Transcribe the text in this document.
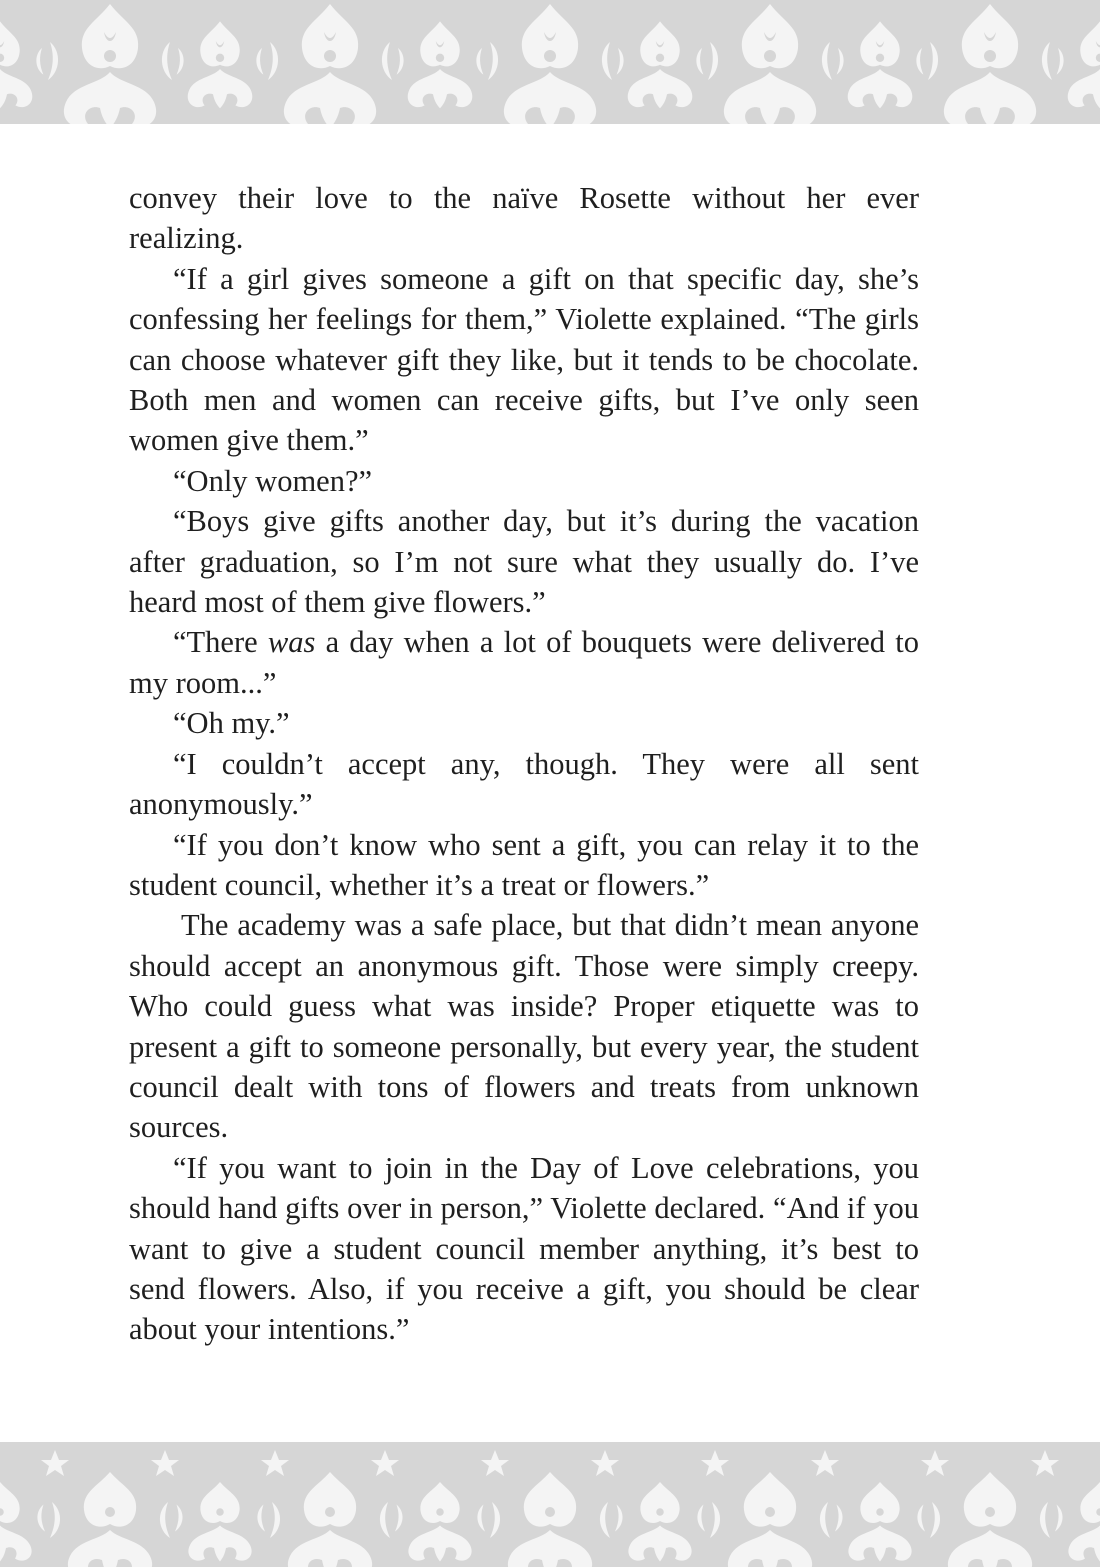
convey their love to the naïve Rosette without her ever realizing.

“If a girl gives someone a gift on that specific day, she’s confessing her feelings for them,” Violette explained. “The girls can choose whatever gift they like, but it tends to be chocolate. Both men and women can receive gifts, but I’ve only seen women give them.”

“Only women?”

“Boys give gifts another day, but it’s during the vacation after graduation, so I’m not sure what they usually do. I’ve heard most of them give flowers.”

“There was a day when a lot of bouquets were delivered to my room...”

“Oh my.”

“I couldn’t accept any, though. They were all sent anonymously.”

“If you don’t know who sent a gift, you can relay it to the student council, whether it’s a treat or flowers.”

The academy was a safe place, but that didn’t mean anyone should accept an anonymous gift. Those were simply creepy. Who could guess what was inside? Proper etiquette was to present a gift to someone personally, but every year, the student council dealt with tons of flowers and treats from unknown sources.

“If you want to join in the Day of Love celebrations, you should hand gifts over in person,” Violette declared. “And if you want to give a student council member anything, it’s best to send flowers. Also, if you receive a gift, you should be clear about your intentions.”
